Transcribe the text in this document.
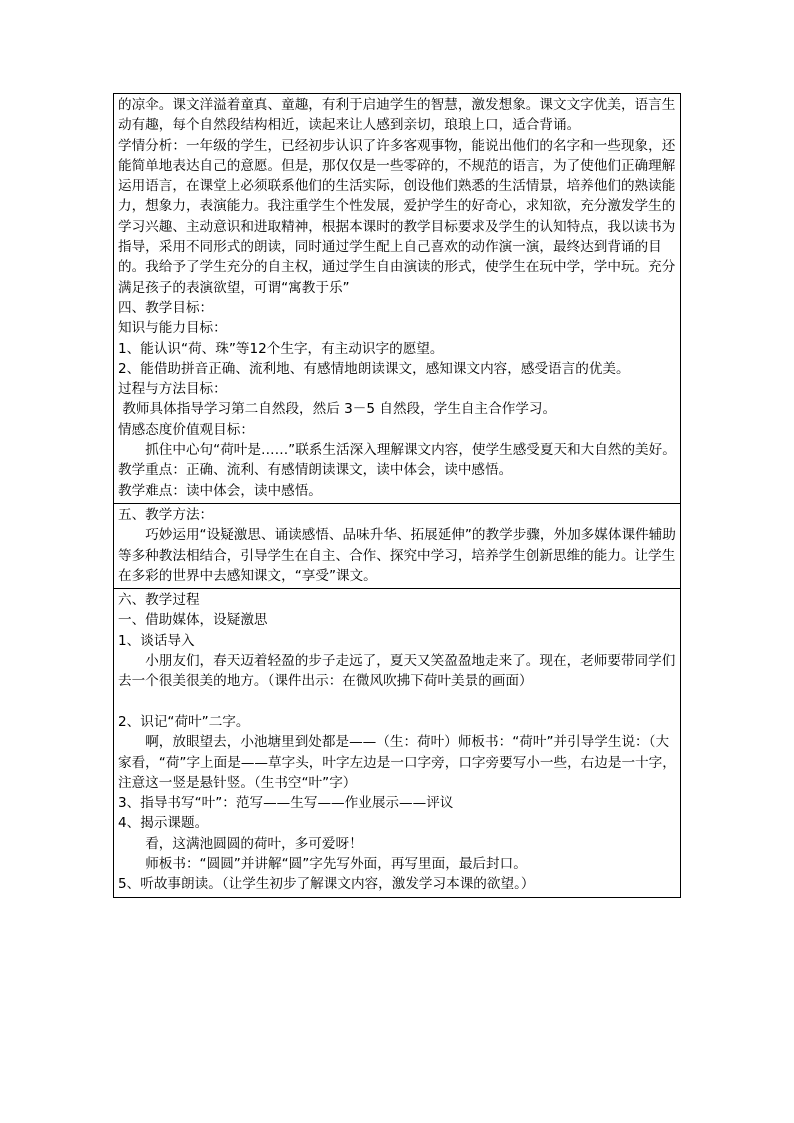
的凉伞。课文洋溢着童真、童趣，有利于启迪学生的智慧，激发想象。课文文字优美，语言生动有趣，每个自然段结构相近，读起来让人感到亲切，琅琅上口，适合背诵。
学情分析：一年级的学生，已经初步认识了许多客观事物，能说出他们的名字和一些现象，还能简单地表达自己的意愿。但是，那仅仅是一些零碎的，不规范的语言，为了使他们正确理解运用语言，在课堂上必须联系他们的生活实际，创设他们熟悉的生活情景，培养他们的熟读能力，想象力，表演能力。我注重学生个性发展，爱护学生的好奇心，求知欲，充分激发学生的学习兴趣、主动意识和进取精神，根据本课时的教学目标要求及学生的认知特点，我以读书为指导，采用不同形式的朗读，同时通过学生配上自己喜欢的动作演一演，最终达到背诵的目的。我给予了学生充分的自主权，通过学生自由演读的形式，使学生在玩中学，学中玩。充分满足孩子的表演欲望，可谓“寓教于乐”
四、教学目标：
知识与能力目标：
1、能认识“荷、珠”等12个生字，有主动识字的愿望。
2、能借助拼音正确、流利地、有感情地朗读课文，感知课文内容，感受语言的优美。
过程与方法目标：
教师具体指导学习第二自然段，然后 3－5 自然段，学生自主合作学习。
情感态度价值观目标：
抓住中心句“荷叶是……”联系生活深入理解课文内容，使学生感受夏天和大自然的美好。
教学重点：正确、流利、有感情朗读课文，读中体会，读中感悟。
教学难点：读中体会，读中感悟。

五、教学方法：
巧妙运用“设疑激思、诵读感悟、品味升华、拓展延伸”的教学步骤，外加多媒体课件辅助等多种教法相结合，引导学生在自主、合作、探究中学习，培养学生创新思维的能力。让学生在多彩的世界中去感知课文，“享受”课文。

六、教学过程
一、借助媒体，设疑激思
1、谈话导入
小朋友们，春天迈着轻盈的步子走远了，夏天又笑盈盈地走来了。现在，老师要带同学们去一个很美很美的地方。（课件出示：在微风吹拂下荷叶美景的画面）
2、识记“荷叶”二字。
啊，放眼望去，小池塘里到处都是——（生：荷叶）师板书：“荷叶”并引导学生说：（大家看，“荷”字上面是——草字头，叶字左边是一口字旁，口字旁要写小一些，右边是一十字，注意这一竖是悬针竖。（生书空“叶”字）
3、指导书写“叶”：范写——生写——作业展示——评议
4、揭示课题。
看，这满池圆圆的荷叶，多可爱呀！
师板书：“圆圆”并讲解“圆”字先写外面，再写里面，最后封口。
5、听故事朗读。（让学生初步了解课文内容，激发学习本课的欲望。）
